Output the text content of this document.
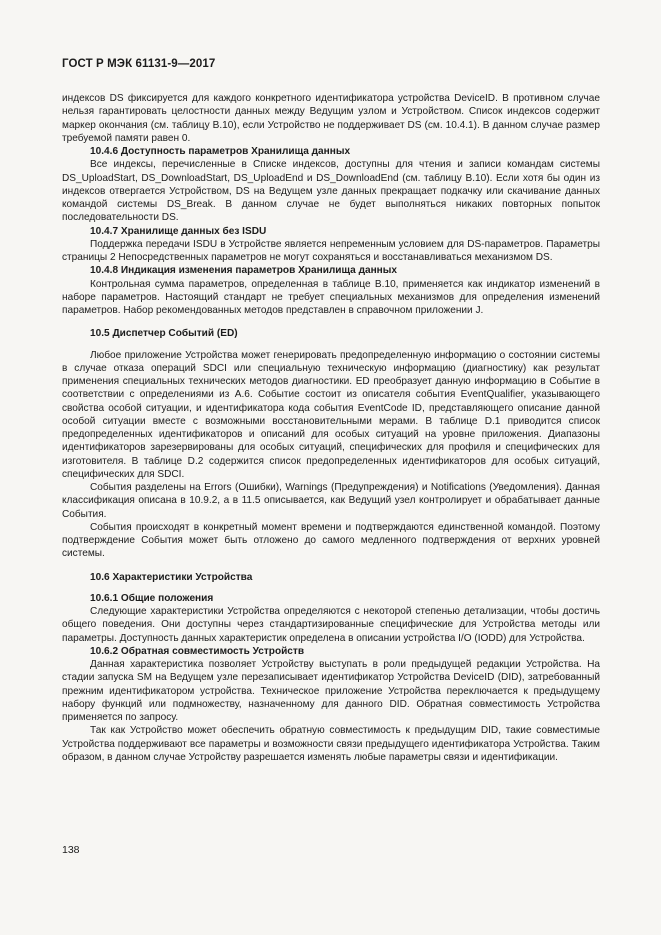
ГОСТ Р МЭК 61131-9—2017

индексов DS фиксируется для каждого конкретного идентификатора устройства DeviceID. В противном случае нельзя гарантировать целостности данных между Ведущим узлом и Устройством. Список индексов содержит маркер окончания (см. таблицу B.10), если Устройство не поддерживает DS (см. 10.4.1). В данном случае размер требуемой памяти равен 0.

10.4.6 Доступность параметров Хранилища данных

Все индексы, перечисленные в Списке индексов, доступны для чтения и записи командам системы DS_UploadStart, DS_DownloadStart, DS_UploadEnd и DS_DownloadEnd (см. таблицу B.10). Если хотя бы один из индексов отвергается Устройством, DS на Ведущем узле данных прекращает подкачку или скачивание данных командой системы DS_Break. В данном случае не будет выполняться никаких повторных попыток последовательности DS.

10.4.7 Хранилище данных без ISDU

Поддержка передачи ISDU в Устройстве является непременным условием для DS-параметров. Параметры страницы 2 Непосредственных параметров не могут сохраняться и восстанавливаться механизмом DS.

10.4.8 Индикация изменения параметров Хранилища данных

Контрольная сумма параметров, определенная в таблице B.10, применяется как индикатор изменений в наборе параметров. Настоящий стандарт не требует специальных механизмов для определения изменений параметров. Набор рекомендованных методов представлен в справочном приложении J.

10.5 Диспетчер Событий (ED)

Любое приложение Устройства может генерировать предопределенную информацию о состоянии системы в случае отказа операций SDCI или специальную техническую информацию (диагностику) как результат применения специальных технических методов диагностики. ED преобразует данную информацию в Событие в соответствии с определениями из A.6. Событие состоит из описателя события EventQualifier, указывающего свойства особой ситуации, и идентификатора кода события EventCode ID, представляющего описание данной особой ситуации вместе с возможными восстановительными мерами. В таблице D.1 приводится список предопределенных идентификаторов и описаний для особых ситуаций на уровне приложения. Диапазоны идентификаторов зарезервированы для особых ситуаций, специфических для профиля и специфических для изготовителя. В таблице D.2 содержится список предопределенных идентификаторов для особых ситуаций, специфических для SDCI.

События разделены на Errors (Ошибки), Warnings (Предупреждения) и Notifications (Уведомления). Данная классификация описана в 10.9.2, а в 11.5 описывается, как Ведущий узел контролирует и обрабатывает данные События.

События происходят в конкретный момент времени и подтверждаются единственной командой. Поэтому подтверждение События может быть отложено до самого медленного подтверждения от верхних уровней системы.

10.6 Характеристики Устройства
10.6.1 Общие положения

Следующие характеристики Устройства определяются с некоторой степенью детализации, чтобы достичь общего поведения. Они доступны через стандартизированные специфические для Устройства методы или параметры. Доступность данных характеристик определена в описании устройства I/O (IODD) для Устройства.

10.6.2 Обратная совместимость Устройств

Данная характеристика позволяет Устройству выступать в роли предыдущей редакции Устройства. На стадии запуска SM на Ведущем узле перезаписывает идентификатор Устройства DeviceID (DID), затребованный прежним идентификатором устройства. Техническое приложение Устройства переключается к предыдущему набору функций или подмножеству, назначенному для данного DID. Обратная совместимость Устройства применяется по запросу.

Так как Устройство может обеспечить обратную совместимость к предыдущим DID, такие совместимые Устройства поддерживают все параметры и возможности связи предыдущего идентификатора Устройства. Таким образом, в данном случае Устройству разрешается изменять любые параметры связи и идентификации.

138
